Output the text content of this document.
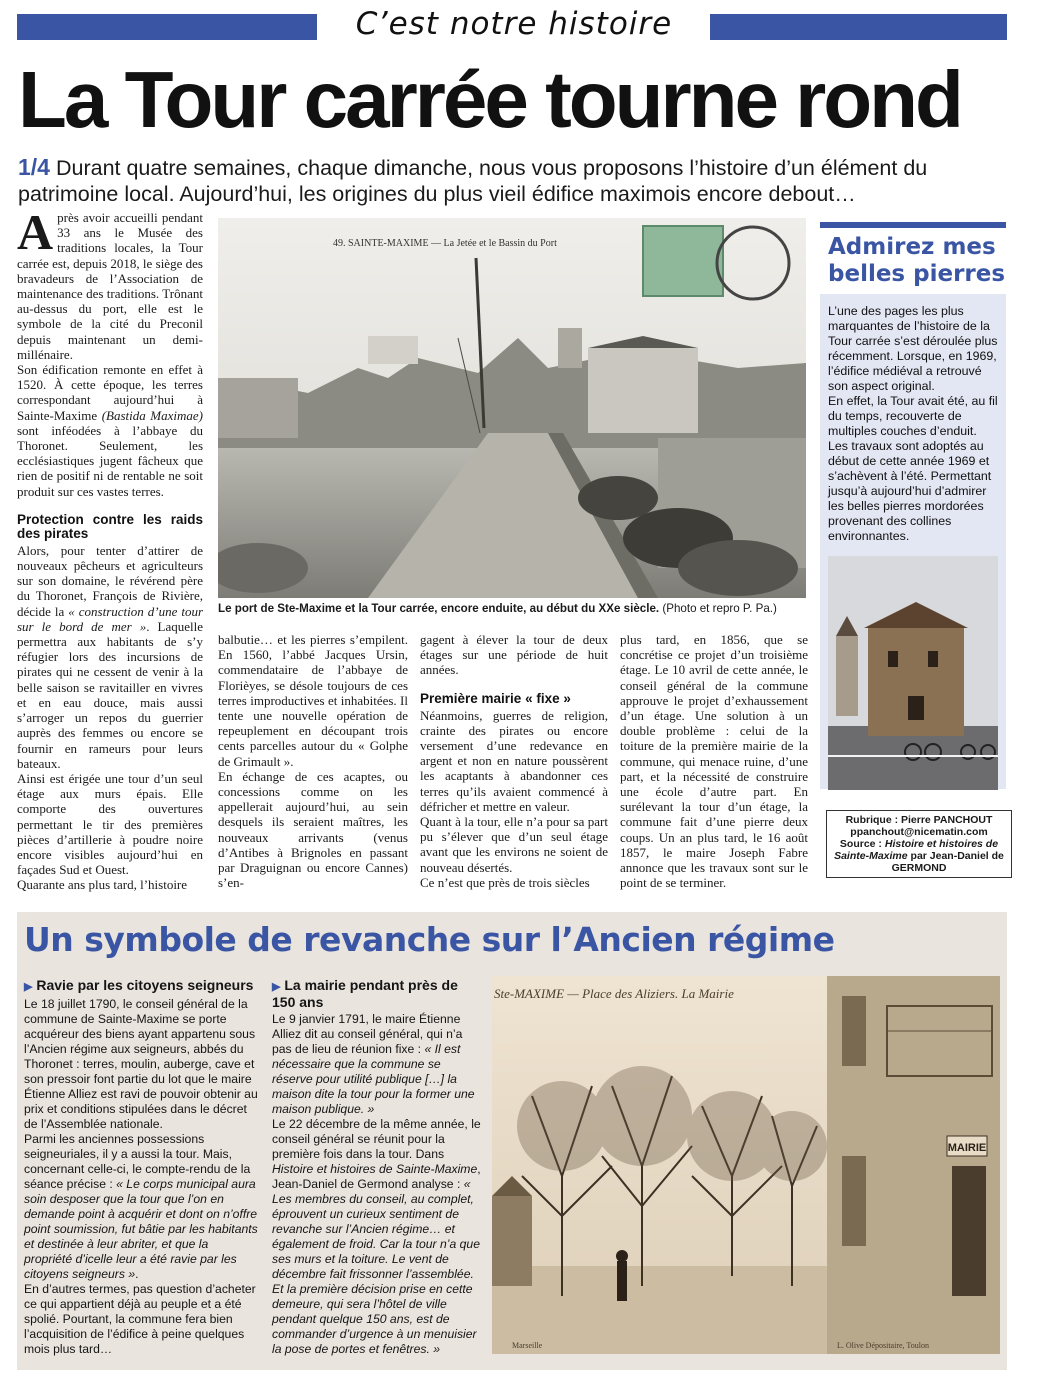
C’est notre histoire
La Tour carrée tourne rond
1/4 Durant quatre semaines, chaque dimanche, nous vous proposons l’histoire d’un élément du patrimoine local. Aujourd’hui, les origines du plus vieil édifice maximois encore debout…

Après avoir accueilli pendant 33 ans le Musée des traditions locales, la Tour carrée est, depuis 2018, le siège des bravadeurs de l’Association de maintenance des traditions. Trônant au-dessus du port, elle est le symbole de la cité du Preconil depuis maintenant un demi-millénaire.

Son édification remonte en effet à 1520. À cette époque, les terres correspondant aujourd’hui à Sainte-Maxime (Bastida Maximae) sont inféodées à l’abbaye du Thoronet. Seulement, les ecclésiastiques jugent fâcheux que rien de positif ni de rentable ne soit produit sur ces vastes terres.

Protection contre les raids des pirates

Alors, pour tenter d’attirer de nouveaux pêcheurs et agriculteurs sur son domaine, le révérend père du Thoronet, François de Rivière, décide la « construction d’une tour sur le bord de mer ». Laquelle permettra aux habitants de s’y réfugier lors des incursions de pirates qui ne cessent de venir à la belle saison se ravitailler en vivres et en eau douce, mais aussi s’arroger un repos du guerrier auprès des femmes ou encore se fournir en rameurs pour leurs bateaux.

Ainsi est érigée une tour d’un seul étage aux murs épais. Elle comporte des ouvertures permettant le tir des premières pièces d’artillerie à poudre noire encore visibles aujourd’hui en façades Sud et Ouest.

Quarante ans plus tard, l’histoire

49. SAINTE-MAXIME — La Jetée et le Bassin du Port
Le port de Ste-Maxime et la Tour carrée, encore enduite, au début du XXe siècle. (Photo et repro P. Pa.)

balbutie… et les pierres s’empilent. En 1560, l’abbé Jacques Ursin, commendataire de l’abbaye de Florièyes, se désole toujours de ces terres improductives et inhabitées. Il tente une nouvelle opération de repeuplement en découpant trois cents parcelles autour du « Golphe de Grimault ».

En échange de ces acaptes, ou concessions comme on les appellerait aujourd’hui, au sein desquels ils seraient maîtres, les nouveaux arrivants (venus d’Antibes à Brignoles en passant par Draguignan ou encore Cannes) s’en-

gagent à élever la tour de deux étages sur une période de huit années.

Première mairie « fixe »

Néanmoins, guerres de religion, crainte des pirates ou encore versement d’une redevance en argent et non en nature poussèrent les acaptants à abandonner ces terres qu’ils avaient commencé à défricher et mettre en valeur.

Quant à la tour, elle n’a pour sa part pu s’élever que d’un seul étage avant que les environs ne soient de nouveau désertés.

Ce n’est que près de trois siècles

plus tard, en 1856, que se concrétise ce projet d’un troisième étage. Le 10 avril de cette année, le conseil général de la commune approuve le projet d’exhaussement d’un étage. Une solution à un double problème : celui de la toiture de la première mairie de la commune, qui menace ruine, d’une part, et la nécessité de construire une école d’autre part. En surélevant la tour d’un étage, la commune fait d’une pierre deux coups. Un an plus tard, le 16 août 1857, le maire Joseph Fabre annonce que les travaux sont sur le point de se terminer.

Admirez mes belles pierres
L’une des pages les plus marquantes de l’histoire de la Tour carrée s’est déroulée plus récemment. Lorsque, en 1969, l’édifice médiéval a retrouvé son aspect original.
En effet, la Tour avait été, au fil du temps, recouverte de multiples couches d’enduit. Les travaux sont adoptés au début de cette année 1969 et s’achèvent à l’été. Permettant jusqu’à aujourd’hui d’admirer les belles pierres mordorées provenant des collines environnantes.
Rubrique : Pierre PANCHOUT
ppanchout@nicematin.com
Source : Histoire et histoires de Sainte-Maxime par Jean-Daniel de GERMOND
Un symbole de revanche sur l’Ancien régime

▶ Ravie par les citoyens seigneurs

Le 18 juillet 1790, le conseil général de la commune de Sainte-Maxime se porte acquéreur des biens ayant appartenu sous l’Ancien régime aux seigneurs, abbés du Thoronet : terres, moulin, auberge, cave et son pressoir font partie du lot que le maire Étienne Alliez est ravi de pouvoir obtenir au prix et conditions stipulées dans le décret de l’Assemblée nationale.

Parmi les anciennes possessions seigneuriales, il y a aussi la tour. Mais, concernant celle-ci, le compte-rendu de la séance précise : « Le corps municipal aura soin desposer que la tour que l’on en demande point à acquérir et dont on n’offre point soumission, fut bâtie par les habitants et destinée à leur abriter, et que la propriété d’icelle leur a été ravie par les citoyens seigneurs ».

En d’autres termes, pas question d’acheter ce qui appartient déjà au peuple et a été spolié. Pourtant, la commune fera bien l’acquisition de l’édifice à peine quelques mois plus tard…

▶ La mairie pendant près de 150 ans

Le 9 janvier 1791, le maire Étienne Alliez dit au conseil général, qui n’a pas de lieu de réunion fixe : « Il est nécessaire que la commune se réserve pour utilité publique […] la maison dite la tour pour la former une maison publique. »

Le 22 décembre de la même année, le conseil général se réunit pour la première fois dans la tour. Dans Histoire et histoires de Sainte-Maxime, Jean-Daniel de Germond analyse : « Les membres du conseil, au complet, éprouvent un curieux sentiment de revanche sur l’Ancien régime… et également de froid. Car la tour n’a que ses murs et la toiture. Le vent de décembre fait frissonner l’assemblée. Et la première décision prise en cette demeure, qui sera l’hôtel de ville pendant quelque 150 ans, est de commander d’urgence à un menuisier la pose de portes et fenêtres. »

MAIRIE
Ste-MAXIME — Place des Aliziers. La Mairie
Marseille	L. Olive Dépositaire, Toulon
